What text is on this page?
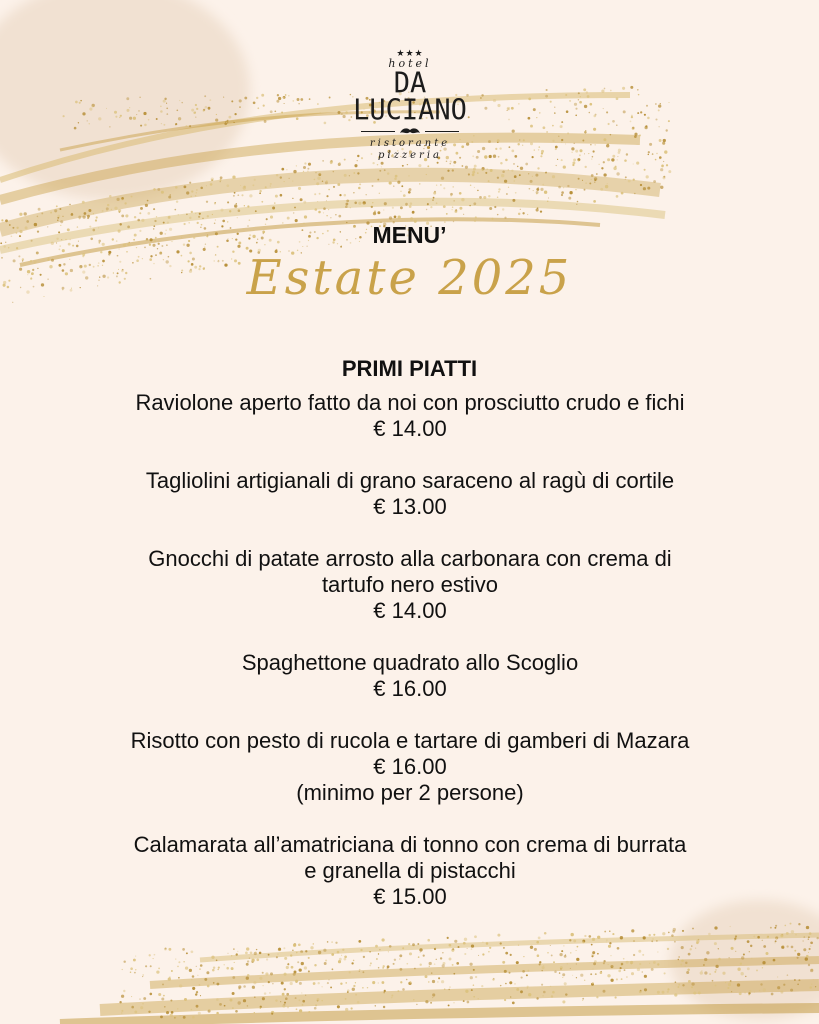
★★★
hotel
DA
LUCIANO
ristorante
pizzeria
MENU’
Estate 2025
PRIMI PIATTI
Raviolone aperto fatto da noi con prosciutto crudo e fichi
€ 14.00
Tagliolini artigianali di grano saraceno al ragù di cortile
€ 13.00
Gnocchi di patate arrosto alla carbonara con crema di
tartufo nero estivo
€ 14.00
Spaghettone quadrato allo Scoglio
€ 16.00
Risotto con pesto di rucola e tartare di gamberi di Mazara
€ 16.00
(minimo per 2 persone)
Calamarata all’amatriciana di tonno con crema di burrata
e granella di pistacchi
€ 15.00
